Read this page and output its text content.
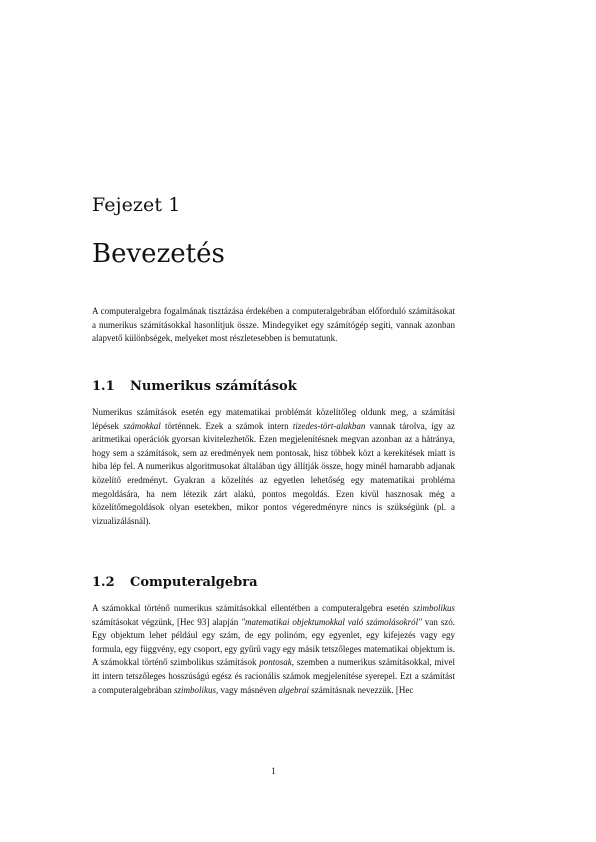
Fejezet 1
Bevezetés
A computeralgebra fogalmának tisztázása érdekében a computeralgebrában előforduló számításokat a numerikus számításokkal hasonlítjuk össze. Mindegyiket egy számítógép segíti, vannak azonban alapvető különbségek, melyeket most részletesebben is bemutatunk.
1.1 Numerikus számítások
Numerikus számítások esetén egy matematikai problémát közelítőleg oldunk meg, a számítási lépések számokkal történnek. Ezek a számok intern tizedes-tört-alakban vannak tárolva, így az aritmetikai operációk gyorsan kivitelezhetők. Ezen megjelenítésnek megvan azonban az a hátránya, hogy sem a számítások, sem az eredmények nem pontosak, hisz többek közt a kerekítések miatt is hiba lép fel. A numerikus algoritmusokat általában úgy állítják össze, hogy minél hamarabb adjanak közelítő eredményt. Gyakran a közelítés az egyetlen lehetőség egy matematikai probléma megoldására, ha nem létezik zárt alakú, pontos megoldás. Ezen kívül hasznosak még a közelítőmegoldások olyan esetekben, mikor pontos végeredményre nincs is szükségünk (pl. a vizualizálásnál).
1.2 Computeralgebra
A számokkal történő numerikus számításokkal ellentétben a computeralgebra esetén szimbolikus számításokat végzünk, [Hec 93] alapján "matematikai objektumokkal való számolásokról" van szó. Egy objektum lehet például egy szám, de egy polinóm, egy egyenlet, egy kifejezés vagy egy formula, egy függvény, egy csoport, egy gyűrű vagy egy másik tetszőleges matematikai objektum is. A számokkal történő szimbolikus számítások pontosak, szemben a numerikus számításokkal, mivel itt intern tetszőleges hosszúságú egész és racionális számok megjelenítése syerepel. Ezt a számítást a computeralgebrában szimbolikus, vagy másnéven algebrai számításnak nevezzük. [Hec
1
